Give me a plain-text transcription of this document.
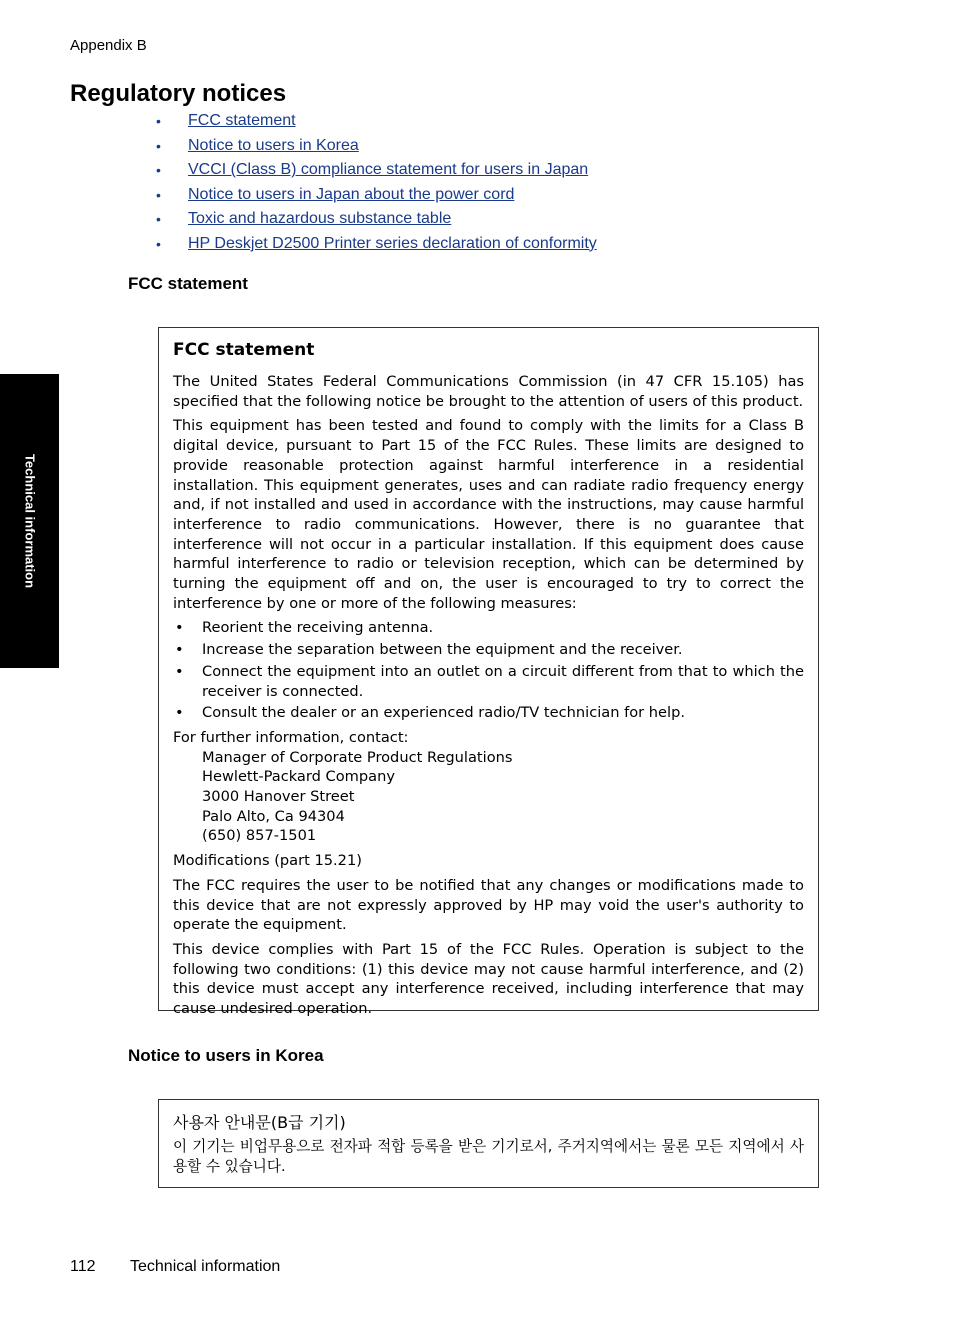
Appendix B
Regulatory notices
• FCC statement
• Notice to users in Korea
• VCCI (Class B) compliance statement for users in Japan
• Notice to users in Japan about the power cord
• Toxic and hazardous substance table
• HP Deskjet D2500 Printer series declaration of conformity
FCC statement
FCC statement

The United States Federal Communications Commission (in 47 CFR 15.105) has specified that the following notice be brought to the attention of users of this product.

This equipment has been tested and found to comply with the limits for a Class B digital device, pursuant to Part 15 of the FCC Rules. These limits are designed to provide reasonable protection against harmful interference in a residential installation. This equipment generates, uses and can radiate radio frequency energy and, if not installed and used in accordance with the instructions, may cause harmful interference to radio communications. However, there is no guarantee that interference will not occur in a particular installation. If this equipment does cause harmful interference to radio or television reception, which can be determined by turning the equipment off and on, the user is encouraged to try to correct the interference by one or more of the following measures:

• Reorient the receiving antenna.
• Increase the separation between the equipment and the receiver.
• Connect the equipment into an outlet on a circuit different from that to which the receiver is connected.
• Consult the dealer or an experienced radio/TV technician for help.
For further information, contact:
Manager of Corporate Product Regulations
Hewlett-Packard Company
3000 Hanover Street
Palo Alto, Ca 94304
(650) 857-1501

Modifications (part 15.21)

The FCC requires the user to be notified that any changes or modifications made to this device that are not expressly approved by HP may void the user's authority to operate the equipment.

This device complies with Part 15 of the FCC Rules. Operation is subject to the following two conditions: (1) this device may not cause harmful interference, and (2) this device must accept any interference received, including interference that may cause undesired operation.

Notice to users in Korea
사용자 안내문(B급 기기)
이 기기는 비업무용으로 전자파 적합 등록을 받은 기기로서, 주거지역에서는 물론 모든 지역에서 사용할 수 있습니다.
Technical information
112 Technical information
